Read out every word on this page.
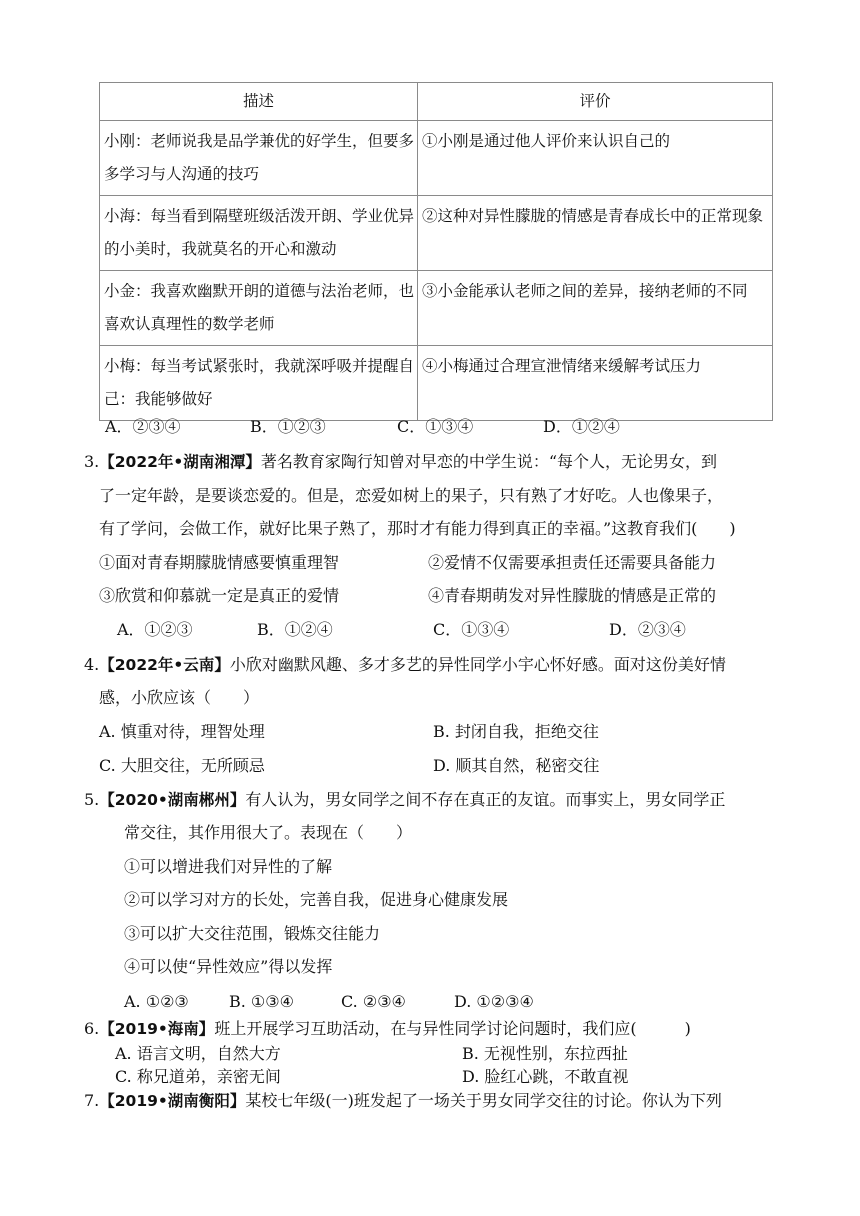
描述	评价
小刚：老师说我是品学兼优的好学生，但要多多学习与人沟通的技巧	①小刚是通过他人评价来认识自己的
小海：每当看到隔壁班级活泼开朗、学业优异的小美时，我就莫名的开心和激动	②这种对异性朦胧的情感是青春成长中的正常现象
小金：我喜欢幽默开朗的道德与法治老师，也喜欢认真理性的数学老师	③小金能承认老师之间的差异，接纳老师的不同
小梅：每当考试紧张时，我就深呼吸并提醒自己：我能够做好	④小梅通过合理宣泄情绪来缓解考试压力
A．②③④	B．①②③	C．①③④	D．①②④
3.【2022年•湖南湘潭】著名教育家陶行知曾对早恋的中学生说：“每个人，无论男女，到
了一定年龄，是要谈恋爱的。但是，恋爱如树上的果子，只有熟了才好吃。人也像果子，
有了学问，会做工作，就好比果子熟了，那时才有能力得到真正的幸福。”这教育我们(　　)
①面对青春期朦胧情感要慎重理智	②爱情不仅需要承担责任还需要具备能力
③欣赏和仰慕就一定是真正的爱情	④青春期萌发对异性朦胧的情感是正常的
A．①②③	B．①②④	C．①③④	D．②③④
4.【2022年•云南】小欣对幽默风趣、多才多艺的异性同学小宇心怀好感。面对这份美好情
感，小欣应该（　　）
A. 慎重对待，理智处理	B. 封闭自我，拒绝交往
C. 大胆交往，无所顾忌	D. 顺其自然，秘密交往
5.【2020•湖南郴州】有人认为，男女同学之间不存在真正的友谊。而事实上，男女同学正
常交往，其作用很大了。表现在（　　）
①可以增进我们对异性的了解
②可以学习对方的长处，完善自我，促进身心健康发展
③可以扩大交往范围，锻炼交往能力
④可以使“异性效应”得以发挥
A. ①②③	B. ①③④	C. ②③④	D. ①②③④
6.【2019•海南】班上开展学习互助活动，在与异性同学讨论问题时，我们应(　　　)
A. 语言文明，自然大方	B. 无视性别，东拉西扯
C. 称兄道弟，亲密无间	D. 脸红心跳，不敢直视
7.【2019•湖南衡阳】某校七年级(一)班发起了一场关于男女同学交往的讨论。你认为下列
